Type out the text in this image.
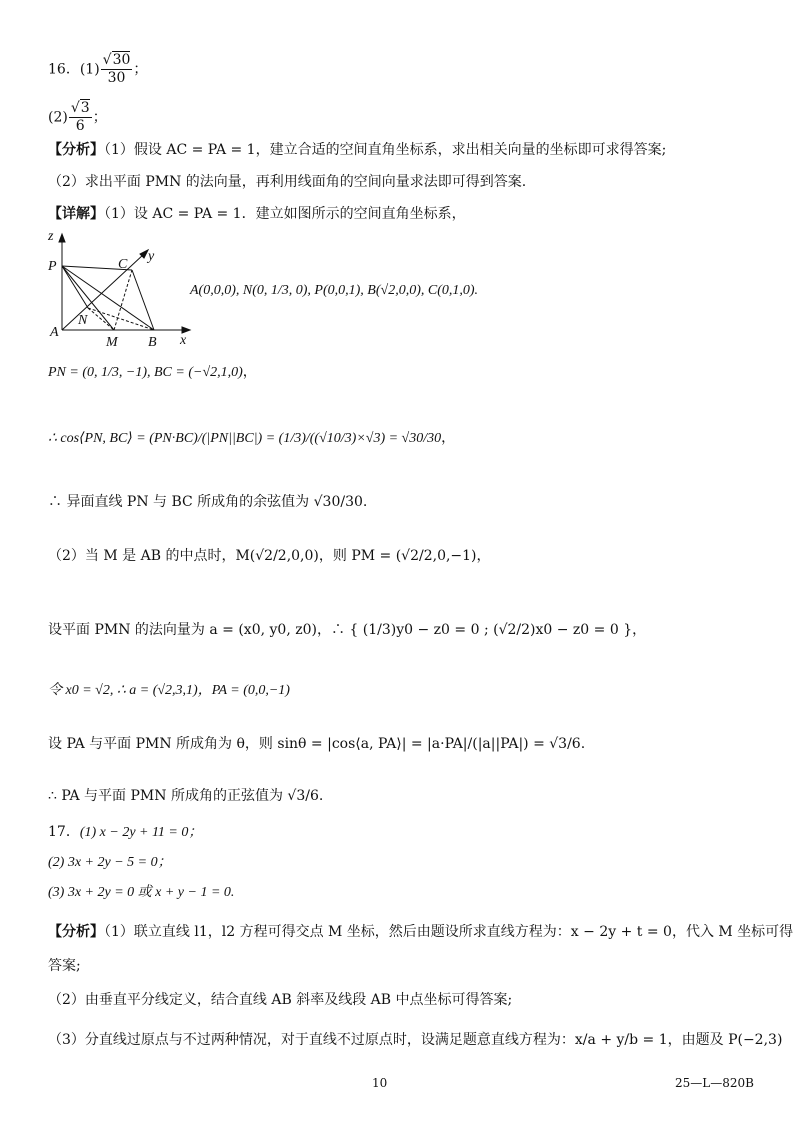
16．$(1) \frac{√30}{30}$ ；
$(2) \frac{√3}{6}$ ；
【分析】（1）假设 AC = PA = 1，建立合适的空间直角坐标系，求出相关向量的坐标即可求得答案;
（2）求出平面 PMN 的法向量，再利用线面角的空间向量求法即可得到答案.
【详解】（1）设 AC = PA = 1．建立如图所示的空间直角坐标系，
z
y
x
P	C
A
N
M B
A(0,0,0), N(0, 1/3, 0), P(0,0,1), B(√2,0,0), C(0,1,0).
PN = (0, 1/3, −1), BC = (−√2,1,0)，
∴ cos⟨PN, BC⟩ = (PN·BC)/(|PN||BC|) = (1/3)/((√10/3)×√3) = √30/30，
∴ 异面直线 PN 与 BC 所成角的余弦值为 √30/30.
（2）当 M 是 AB 的中点时，M(√2/2,0,0)，则 PM = (√2/2,0,−1)，
设平面 PMN 的法向量为 a = (x0, y0, z0)，∴ { (1/3)y0 − z0 = 0 ; (√2/2)x0 − z0 = 0 }，
令 x0 = √2, ∴ a = (√2,3,1)，PA = (0,0,−1)
设 PA 与平面 PMN 所成角为 θ，则 sinθ = |cos⟨a, PA⟩| = |a·PA|/(|a||PA|) = √3/6.
∴ PA 与平面 PMN 所成角的正弦值为 √3/6.
17．(1) x − 2y + 11 = 0；
(2) 3x + 2y − 5 = 0；
(3) 3x + 2y = 0 或 x + y − 1 = 0.
【分析】（1）联立直线 l1，l2 方程可得交点 M 坐标，然后由题设所求直线方程为：x − 2y + t = 0，代入 M 坐标可得
答案;
（2）由垂直平分线定义，结合直线 AB 斜率及线段 AB 中点坐标可得答案;
（3）分直线过原点与不过两种情况，对于直线不过原点时，设满足题意直线方程为：x/a + y/b = 1，由题及 P(−2,3)
10	25—L—820B
